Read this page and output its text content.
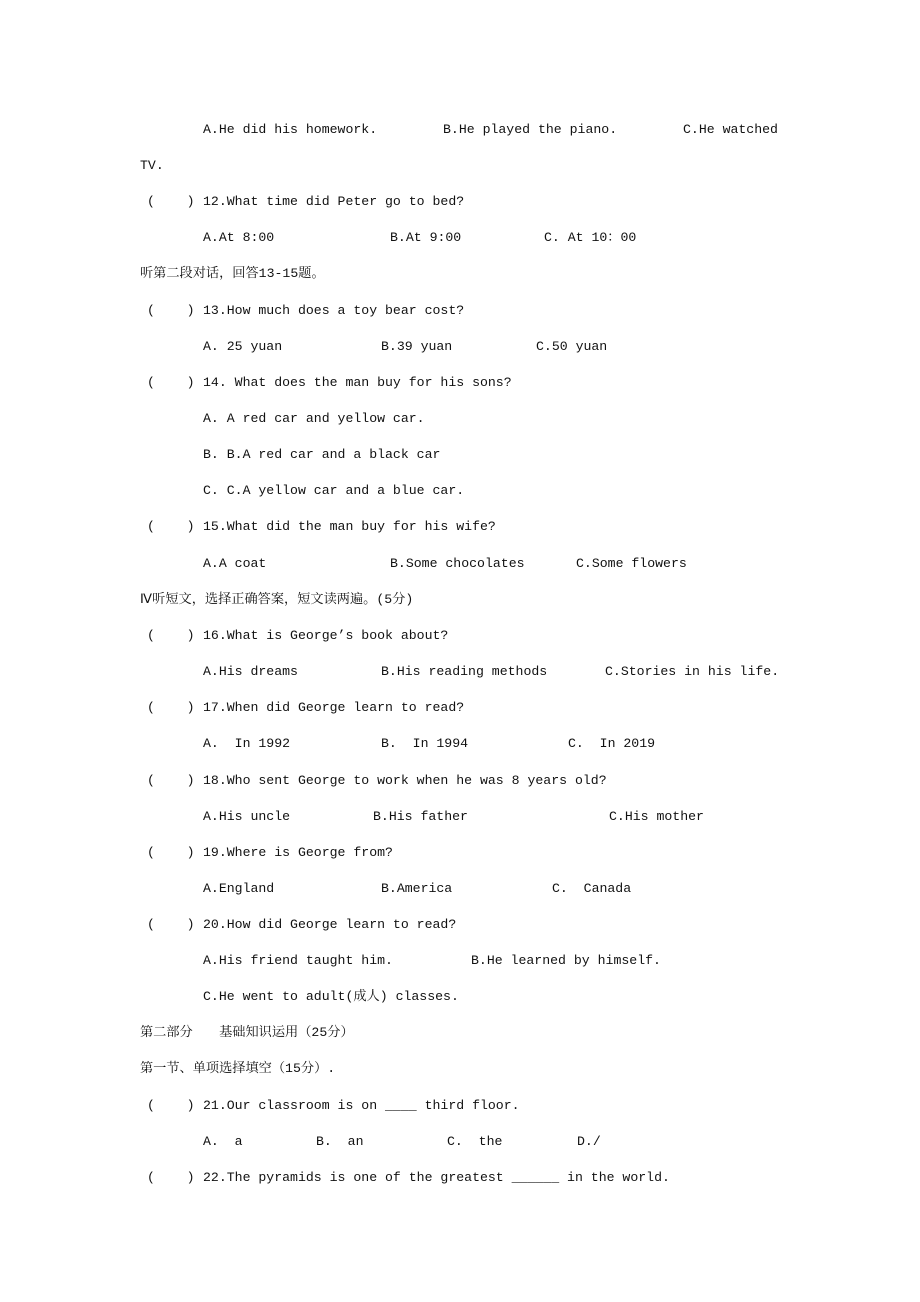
A.He did his homework.	B.He played the piano.	C.He watched
TV.
(    ) 12.What time did Peter go to bed?
A.At 8:00	B.At 9:00	C. At 10：00
听第二段对话，回答13-15题。
(    ) 13.How much does a toy bear cost?
A. 25 yuan	B.39 yuan	C.50 yuan
(    ) 14. What does the man buy for his sons?
A. A red car and yellow car.
B. B.A red car and a black car
C. C.A yellow car and a blue car.
(    ) 15.What did the man buy for his wife?
A.A coat	B.Some chocolates	C.Some flowers
Ⅳ听短文，选择正确答案，短文读两遍。(5分)
(    ) 16.What is George’s book about?
A.His dreams	B.His reading methods	C.Stories in his life.
(    ) 17.When did George learn to read?
A.  In 1992	B.  In 1994	C.  In 2019
(    ) 18.Who sent George to work when he was 8 years old?
A.His uncle	B.His father	C.His mother
(    ) 19.Where is George from?
A.England	B.America	C.  Canada
(    ) 20.How did George learn to read?
A.His friend taught him.	B.He learned by himself.
C.He went to adult(成人) classes.
第二部分　　基础知识运用（25分）
第一节、单项选择填空（15分）.
(    ) 21.Our classroom is on ____ third floor.
A.  a	B.  an	C.  the	D./
(    ) 22.The pyramids is one of the greatest ______ in the world.
